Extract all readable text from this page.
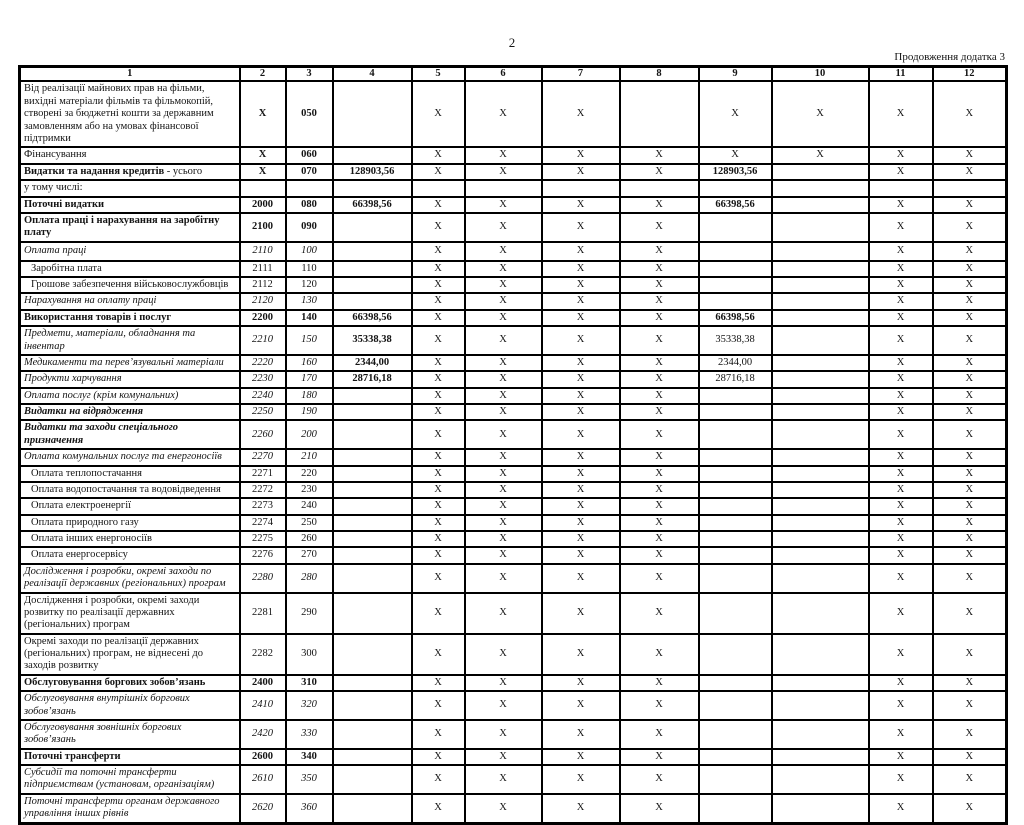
2
Продовження додатка 3
1	2	3	4	5	6	7	8	9	10	11	12
Від реалізації майнових прав на фільми, вихідні матеріали фільмів та фільмокопій, створені за бюджетні кошти за державним замовленням або на умовах фінансової підтримки	X	050		X	X	X		X	X	X	X
Фінансування	X	060		X	X	X	X	X	X	X	X
Видатки та надання кредитів - усього	X	070	128903,56	X	X	X	X	128903,56		X	X
у тому числі:											
Поточні видатки	2000	080	66398,56	X	X	X	X	66398,56		X	X
Оплата праці і нарахування на заробітну плату	2100	090		X	X	X	X			X	X
Оплата праці	2110	100		X	X	X	X			X	X
Заробітна плата	2111	110		X	X	X	X			X	X
Грошове забезпечення військовослужбовців	2112	120		X	X	X	X			X	X
Нарахування на оплату праці	2120	130		X	X	X	X			X	X
Використання товарів і послуг	2200	140	66398,56	X	X	X	X	66398,56		X	X
Предмети, матеріали, обладнання та інвентар	2210	150	35338,38	X	X	X	X	35338,38		X	X
Медикаменти та перев’язувальні матеріали	2220	160	2344,00	X	X	X	X	2344,00		X	X
Продукти харчування	2230	170	28716,18	X	X	X	X	28716,18		X	X
Оплата послуг (крім комунальних)	2240	180		X	X	X	X			X	X
Видатки на відрядження	2250	190		X	X	X	X			X	X
Видатки та заходи спеціального призначення	2260	200		X	X	X	X			X	X
Оплата комунальних послуг та енергоносіїв	2270	210		X	X	X	X			X	X
Оплата теплопостачання	2271	220		X	X	X	X			X	X
Оплата водопостачання та водовідведення	2272	230		X	X	X	X			X	X
Оплата електроенергії	2273	240		X	X	X	X			X	X
Оплата природного газу	2274	250		X	X	X	X			X	X
Оплата інших енергоносіїв	2275	260		X	X	X	X			X	X
Оплата енергосервісу	2276	270		X	X	X	X			X	X
Дослідження і розробки, окремі заходи по реалізації державних (регіональних) програм	2280	280		X	X	X	X			X	X
Дослідження і розробки, окремі заходи розвитку по реалізації державних (регіональних) програм	2281	290		X	X	X	X			X	X
Окремі заходи по реалізації державних (регіональних) програм, не віднесені до заходів розвитку	2282	300		X	X	X	X			X	X
Обслуговування боргових зобов’язань	2400	310		X	X	X	X			X	X
Обслуговування внутрішніх боргових зобов’язань	2410	320		X	X	X	X			X	X
Обслуговування зовнішніх боргових зобов’язань	2420	330		X	X	X	X			X	X
Поточні трансферти	2600	340		X	X	X	X			X	X
Субсидії та поточні трансферти підприємствам (установам, організаціям)	2610	350		X	X	X	X			X	X
Поточні трансферти органам державного управління інших рівнів	2620	360		X	X	X	X			X	X
